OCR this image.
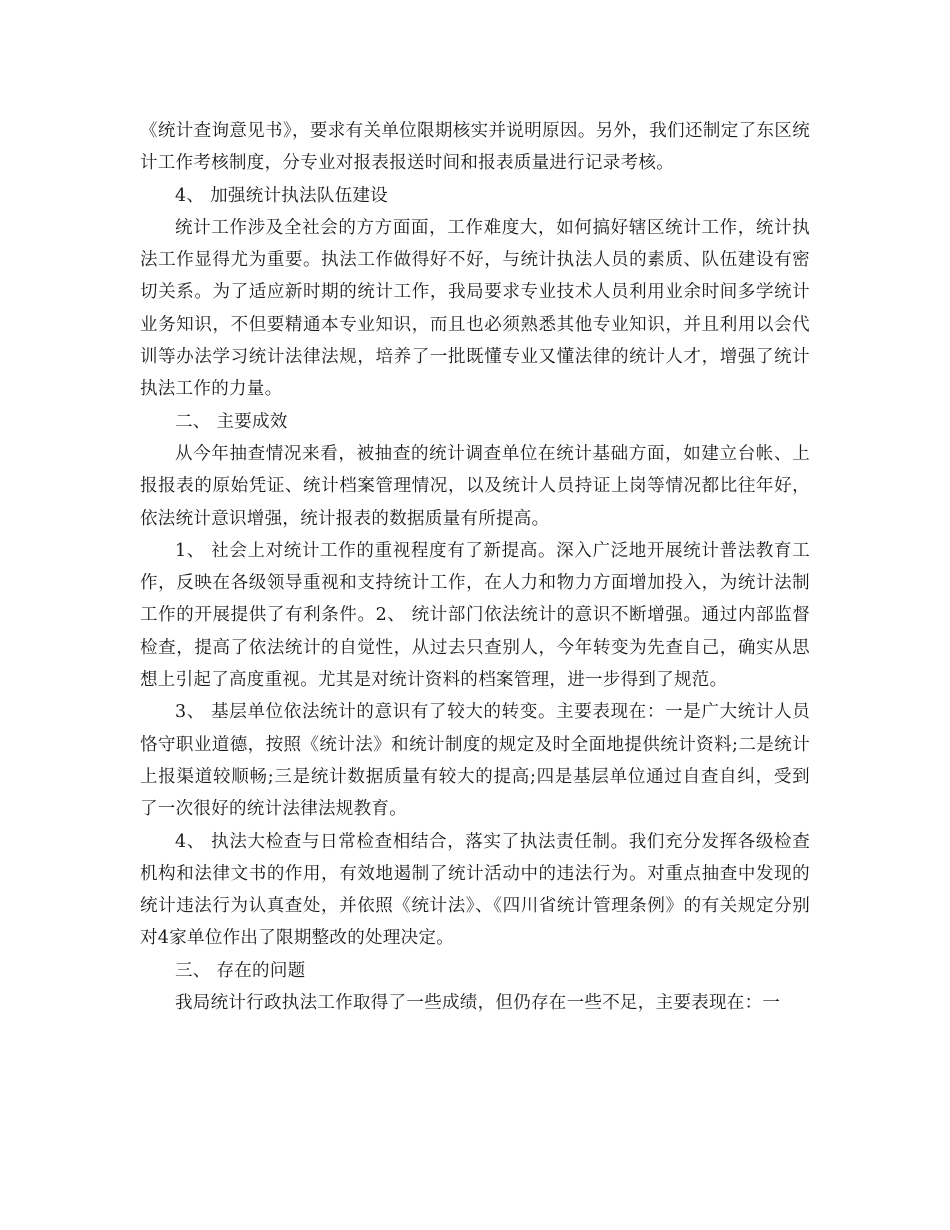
《统计查询意见书》，要求有关单位限期核实并说明原因。另外，我们还制定了东区统计工作考核制度，分专业对报表报送时间和报表质量进行记录考核。

4、 加强统计执法队伍建设

统计工作涉及全社会的方方面面，工作难度大，如何搞好辖区统计工作，统计执法工作显得尤为重要。执法工作做得好不好，与统计执法人员的素质、队伍建设有密切关系。为了适应新时期的统计工作，我局要求专业技术人员利用业余时间多学统计业务知识，不但要精通本专业知识，而且也必须熟悉其他专业知识，并且利用以会代训等办法学习统计法律法规，培养了一批既懂专业又懂法律的统计人才，增强了统计执法工作的力量。

二、 主要成效

从今年抽查情况来看，被抽查的统计调查单位在统计基础方面，如建立台帐、上报报表的原始凭证、统计档案管理情况，以及统计人员持证上岗等情况都比往年好，依法统计意识增强，统计报表的数据质量有所提高。

1、 社会上对统计工作的重视程度有了新提高。深入广泛地开展统计普法教育工作，反映在各级领导重视和支持统计工作，在人力和物力方面增加投入，为统计法制工作的开展提供了有利条件。2、 统计部门依法统计的意识不断增强。通过内部监督检查，提高了依法统计的自觉性，从过去只查别人，今年转变为先查自己，确实从思想上引起了高度重视。尤其是对统计资料的档案管理，进一步得到了规范。

3、 基层单位依法统计的意识有了较大的转变。主要表现在：一是广大统计人员恪守职业道德，按照《统计法》和统计制度的规定及时全面地提供统计资料;二是统计上报渠道较顺畅;三是统计数据质量有较大的提高;四是基层单位通过自查自纠，受到了一次很好的统计法律法规教育。

4、 执法大检查与日常检查相结合，落实了执法责任制。我们充分发挥各级检查机构和法律文书的作用，有效地遏制了统计活动中的违法行为。对重点抽查中发现的统计违法行为认真查处，并依照《统计法》、《四川省统计管理条例》的有关规定分别对4家单位作出了限期整改的处理决定。

三、 存在的问题

我局统计行政执法工作取得了一些成绩，但仍存在一些不足，主要表现在：一
